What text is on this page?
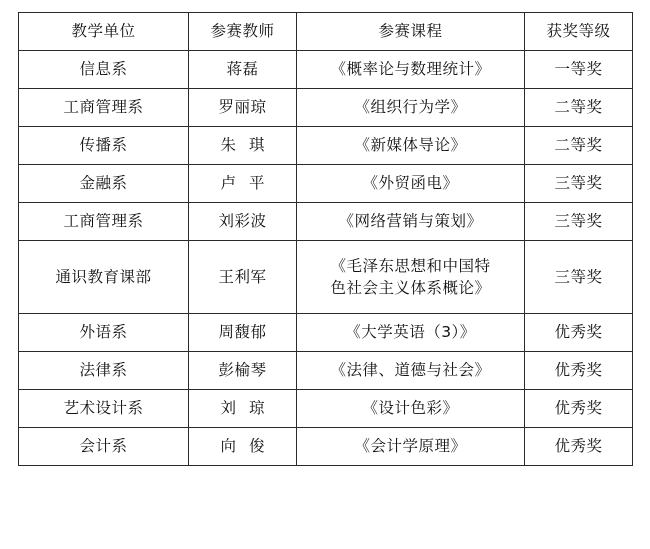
教学单位	参赛教师	参赛课程	获奖等级

信息系	蒋磊	《概率论与数理统计》	一等奖

工商管理系	罗丽琼	《组织行为学》	二等奖

传播系	朱 琪	《新媒体导论》	二等奖

金融系	卢 平	《外贸函电》	三等奖

工商管理系	刘彩波	《网络营销与策划》	三等奖

通识教育课部	王利军	《毛泽东思想和中国特
色社会主义体系概论》	三等奖

外语系	周馥郁	《大学英语（3）》	优秀奖

法律系	彭榆琴	《法律、道德与社会》	优秀奖

艺术设计系	刘 琼	《设计色彩》	优秀奖

会计系	向 俊	《会计学原理》	优秀奖
